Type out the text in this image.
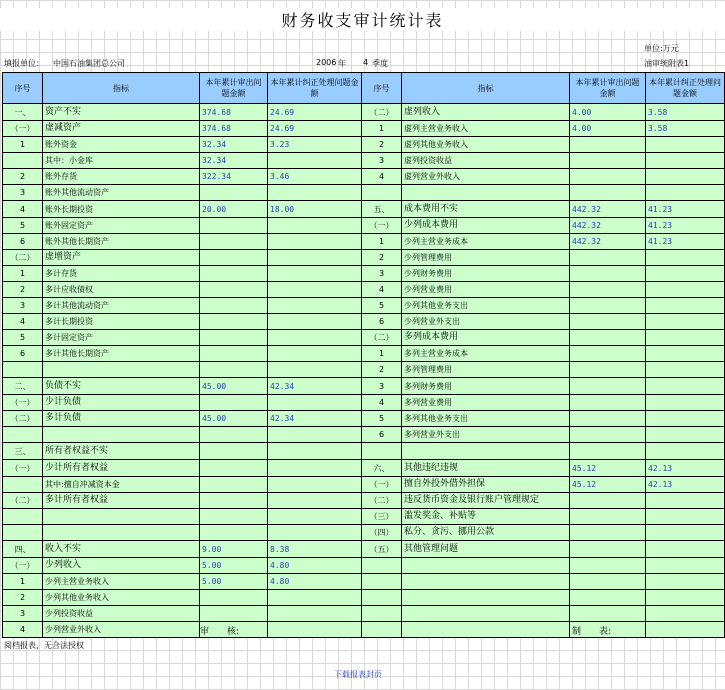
财务收支审计统计表
单位:万元
填报单位： 中国石油集团总公司	2006 年 4 季度	油审统附表1
序号	指标	本年累计审出问题金额	本年累计纠正处理问题金额	序号	指标	本年累计审出问题金额	本年累计纠正处理问题金额
一、	资产不实	374.68	24.69	（二）	虚列收入	4.00	3.58
（一）	虚减资产	374.68	24.69	1	虚列主营业务收入	4.00	3.58
1	账外资金	32.34	3.23	2	虚列其他业务收入		
	其中：小金库	32.34		3	虚列投资收益		
2	账外存货	322.34	3.46	4	虚列营业外收入		
3	账外其他流动资产						
4	账外长期投资	20.00	18.00	五、	成本费用不实	442.32	41.23
5	账外固定资产			（一）	少列成本费用	442.32	41.23
6	账外其他长期资产			1	少列主营业务成本	442.32	41.23
（二）	虚增资产			2	少列管理费用		
1	多计存货			3	少列财务费用		
2	多计应收债权			4	少列营业费用		
3	多计其他流动资产			5	少列其他业务支出		
4	多计长期投资			6	少列营业外支出		
5	多计固定资产			（二）	多列成本费用		
6	多计其他长期资产			1	多列主营业务成本		
				2	多列管理费用		
二、	负债不实	45.00	42.34	3	多列财务费用		
（一）	少计负债			4	多列营业费用		
（二）	多计负债	45.00	42.34	5	多列其他业务支出		
				6	多列营业外支出		
三、	所有者权益不实						
（一）	少计所有者权益			六、	其他违纪违规	45.12	42.13
	其中:擅自冲减资本金			（一）	擅自外投外借外担保	45.12	42.13
（二）	多计所有者权益			（二）	违反货币资金及银行账户管理规定		
				（三）	滥发奖金、补贴等		
				（四）	私分、贪污、挪用公款		
四、	收入不实	9.00	8.38	（五）	其他管理问题		
（一）	少列收入	5.00	4.80				
1	少列主营业务收入	5.00	4.80				
2	少列其他业务收入						
3	少列投资收益						
4	少列营业外收入							审　　核:	制　　表:
阅档报表，无合法授权
下载报表封页
